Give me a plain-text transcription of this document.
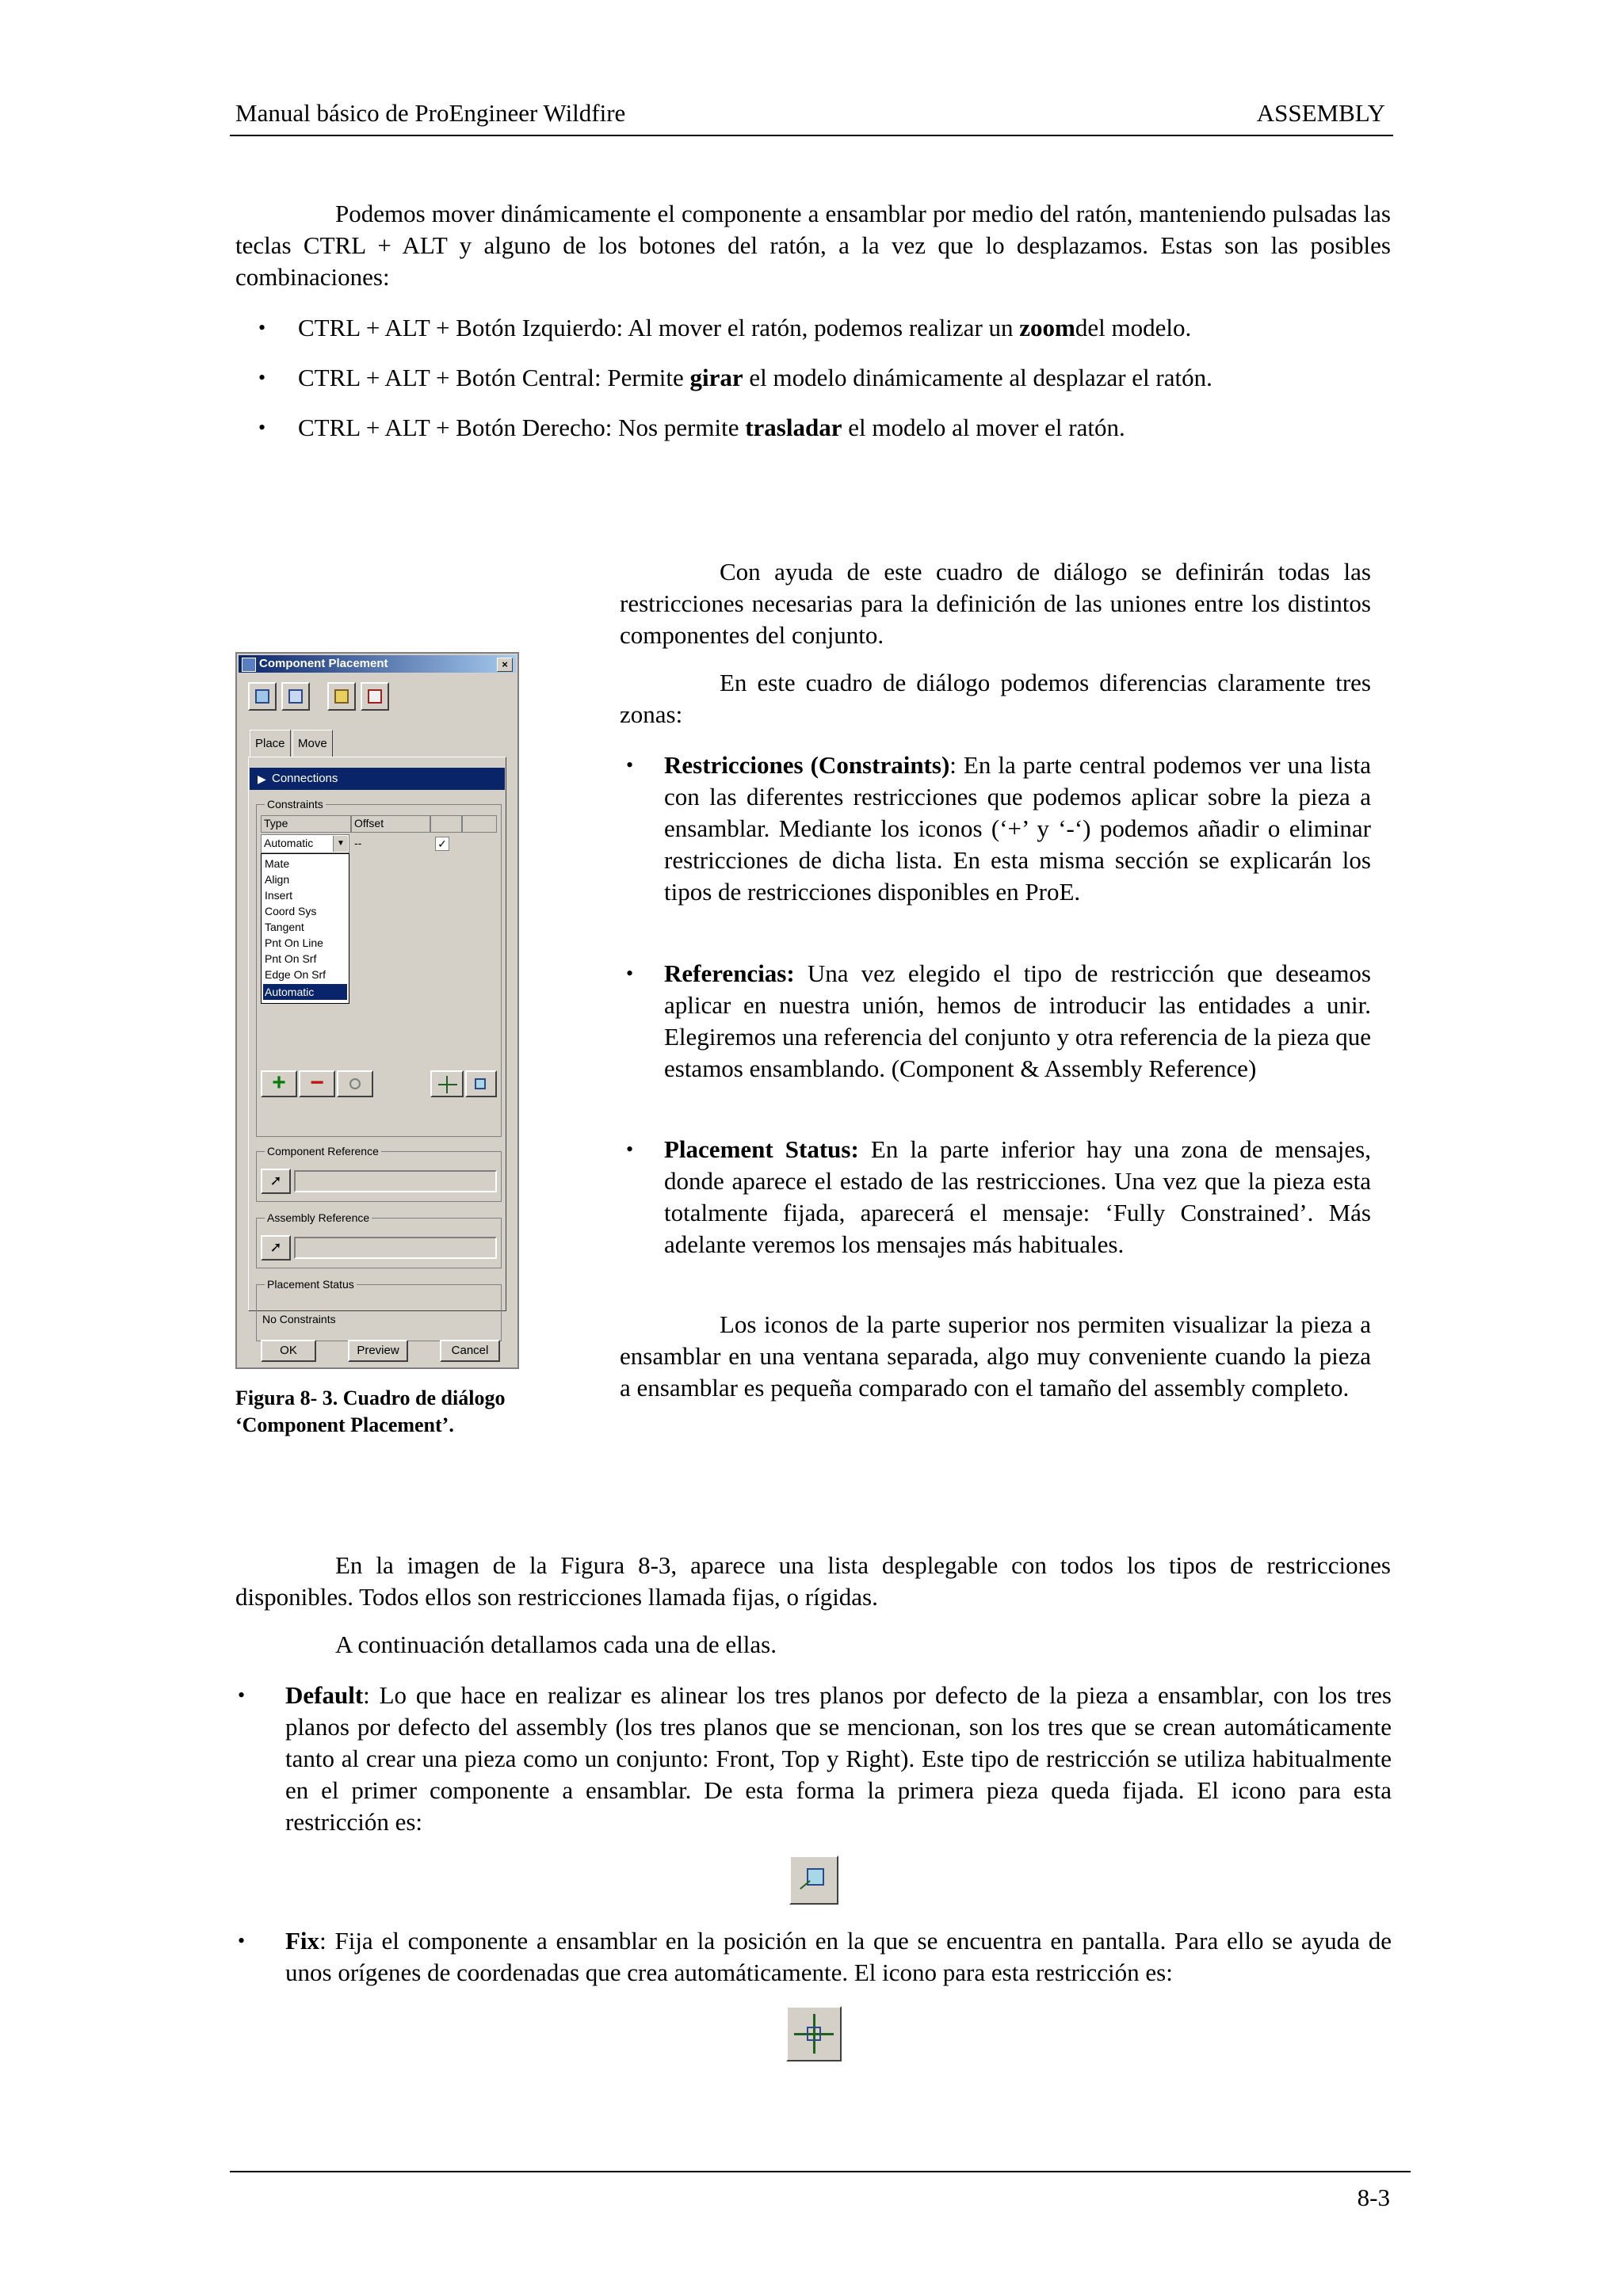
Manual básico de ProEngineer Wildfire	ASSEMBLY
Podemos mover dinámicamente el componente a ensamblar por medio del ratón, manteniendo pulsadas las teclas CTRL + ALT y alguno de los botones del ratón, a la vez que lo desplazamos. Estas son las posibles combinaciones:
• CTRL + ALT + Botón Izquierdo: Al mover el ratón, podemos realizar un zoomdel modelo.
• CTRL + ALT + Botón Central: Permite girar el modelo dinámicamente al desplazar el ratón.
• CTRL + ALT + Botón Derecho: Nos permite trasladar el modelo al mover el ratón.
Component Placement	×
Place	Move
▶ Connections
Constraints
Type	Offset
Automatic	▼ --	✓
Mate
Align
Insert
Coord Sys
Tangent
Pnt On Line
Pnt On Srf
Edge On Srf
Automatic
+	−
Component Reference
➚
Assembly Reference
➚
Placement Status
No Constraints
OK	Preview	Cancel
Figura 8- 3. Cuadro de diálogo
‘Component Placement’.
Con ayuda de este cuadro de diálogo se definirán todas las restricciones necesarias para la definición de las uniones entre los distintos componentes del conjunto.
En este cuadro de diálogo podemos diferencias claramente tres zonas:
• Restricciones (Constraints): En la parte central podemos ver una lista con las diferentes restricciones que podemos aplicar sobre la pieza a ensamblar. Mediante los iconos (‘+’ y ‘-‘) podemos añadir o eliminar restricciones de dicha lista. En esta misma sección se explicarán los tipos de restricciones disponibles en ProE.
• Referencias: Una vez elegido el tipo de restricción que deseamos aplicar en nuestra unión, hemos de introducir las entidades a unir. Elegiremos una referencia del conjunto y otra referencia de la pieza que estamos ensamblando. (Component & Assembly Reference)
• Placement Status: En la parte inferior hay una zona de mensajes, donde aparece el estado de las restricciones. Una vez que la pieza esta totalmente fijada, aparecerá el mensaje: ‘Fully Constrained’. Más adelante veremos los mensajes más habituales.
Los iconos de la parte superior nos permiten visualizar la pieza a ensamblar en una ventana separada, algo muy conveniente cuando la pieza a ensamblar es pequeña comparado con el tamaño del assembly completo.
En la imagen de la Figura 8-3, aparece una lista desplegable con todos los tipos de restricciones disponibles. Todos ellos son restricciones llamada fijas, o rígidas.
A continuación detallamos cada una de ellas.
• Default: Lo que hace en realizar es alinear los tres planos por defecto de la pieza a ensamblar, con los tres planos por defecto del assembly (los tres planos que se mencionan, son los tres que se crean automáticamente tanto al crear una pieza como un conjunto: Front, Top y Right). Este tipo de restricción se utiliza habitualmente en el primer componente a ensamblar. De esta forma la primera pieza queda fijada. El icono para esta restricción es:
• Fix: Fija el componente a ensamblar en la posición en la que se encuentra en pantalla. Para ello se ayuda de unos orígenes de coordenadas que crea automáticamente. El icono para esta restricción es:
8-3
